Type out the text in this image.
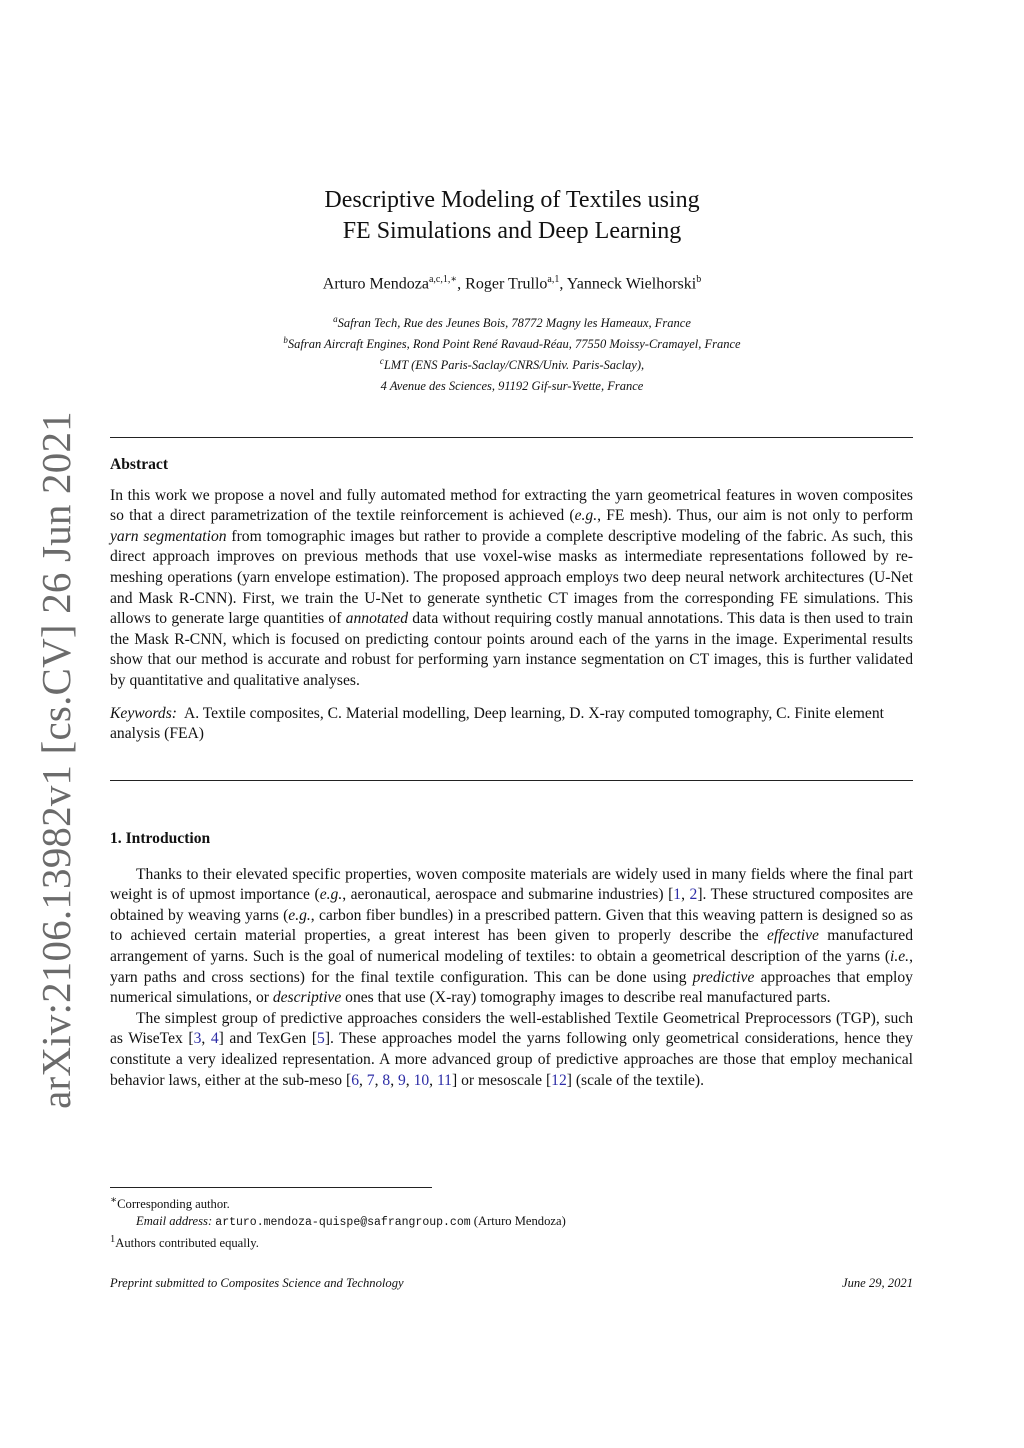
arXiv:2106.13982v1 [cs.CV] 26 Jun 2021
Descriptive Modeling of Textiles using
FE Simulations and Deep Learning
Arturo Mendoza$^{a,c,1,∗}$, Roger Trullo$^{a,1}$, Yanneck Wielhorski$^b$
$^a$Safran Tech, Rue des Jeunes Bois, 78772 Magny les Hameaux, France
$^b$Safran Aircraft Engines, Rond Point René Ravaud-Réau, 77550 Moissy-Cramayel, France
$^c$LMT (ENS Paris-Saclay/CNRS/Univ. Paris-Saclay),
4 Avenue des Sciences, 91192 Gif-sur-Yvette, France
Abstract
In this work we propose a novel and fully automated method for extracting the yarn geometrical features in woven composites so that a direct parametrization of the textile reinforcement is achieved (e.g., FE mesh). Thus, our aim is not only to perform yarn segmentation from tomographic images but rather to provide a complete descriptive modeling of the fabric. As such, this direct approach improves on previous methods that use voxel-wise masks as intermediate representations followed by re-meshing operations (yarn envelope estimation). The proposed approach employs two deep neural network architectures (U-Net and Mask R-CNN). First, we train the U-Net to generate synthetic CT images from the corresponding FE simulations. This allows to generate large quantities of annotated data without requiring costly manual annotations. This data is then used to train the Mask R-CNN, which is focused on predicting contour points around each of the yarns in the image. Experimental results show that our method is accurate and robust for performing yarn instance segmentation on CT images, this is further validated by quantitative and qualitative analyses.
Keywords: A. Textile composites, C. Material modelling, Deep learning, D. X-ray computed tomography, C. Finite element analysis (FEA)
1. Introduction
Thanks to their elevated specific properties, woven composite materials are widely used in many fields where the final part weight is of upmost importance (e.g., aeronautical, aerospace and submarine industries) [1, 2]. These structured composites are obtained by weaving yarns (e.g., carbon fiber bundles) in a prescribed pattern. Given that this weaving pattern is designed so as to achieved certain material properties, a great interest has been given to properly describe the effective manufactured arrangement of yarns. Such is the goal of numerical modeling of textiles: to obtain a geometrical description of the yarns (i.e., yarn paths and cross sections) for the final textile configuration. This can be done using predictive approaches that employ numerical simulations, or descriptive ones that use (X-ray) tomography images to describe real manufactured parts.
The simplest group of predictive approaches considers the well-established Textile Geometrical Preprocessors (TGP), such as WiseTex [3, 4] and TexGen [5]. These approaches model the yarns following only geometrical considerations, hence they constitute a very idealized representation. A more advanced group of predictive approaches are those that employ mechanical behavior laws, either at the sub-meso [6, 7, 8, 9, 10, 11] or mesoscale [12] (scale of the textile).
∗Corresponding author.
Email address: arturo.mendoza-quispe@safrangroup.com (Arturo Mendoza)
$^1$Authors contributed equally.
Preprint submitted to Composites Science and Technology	June 29, 2021
